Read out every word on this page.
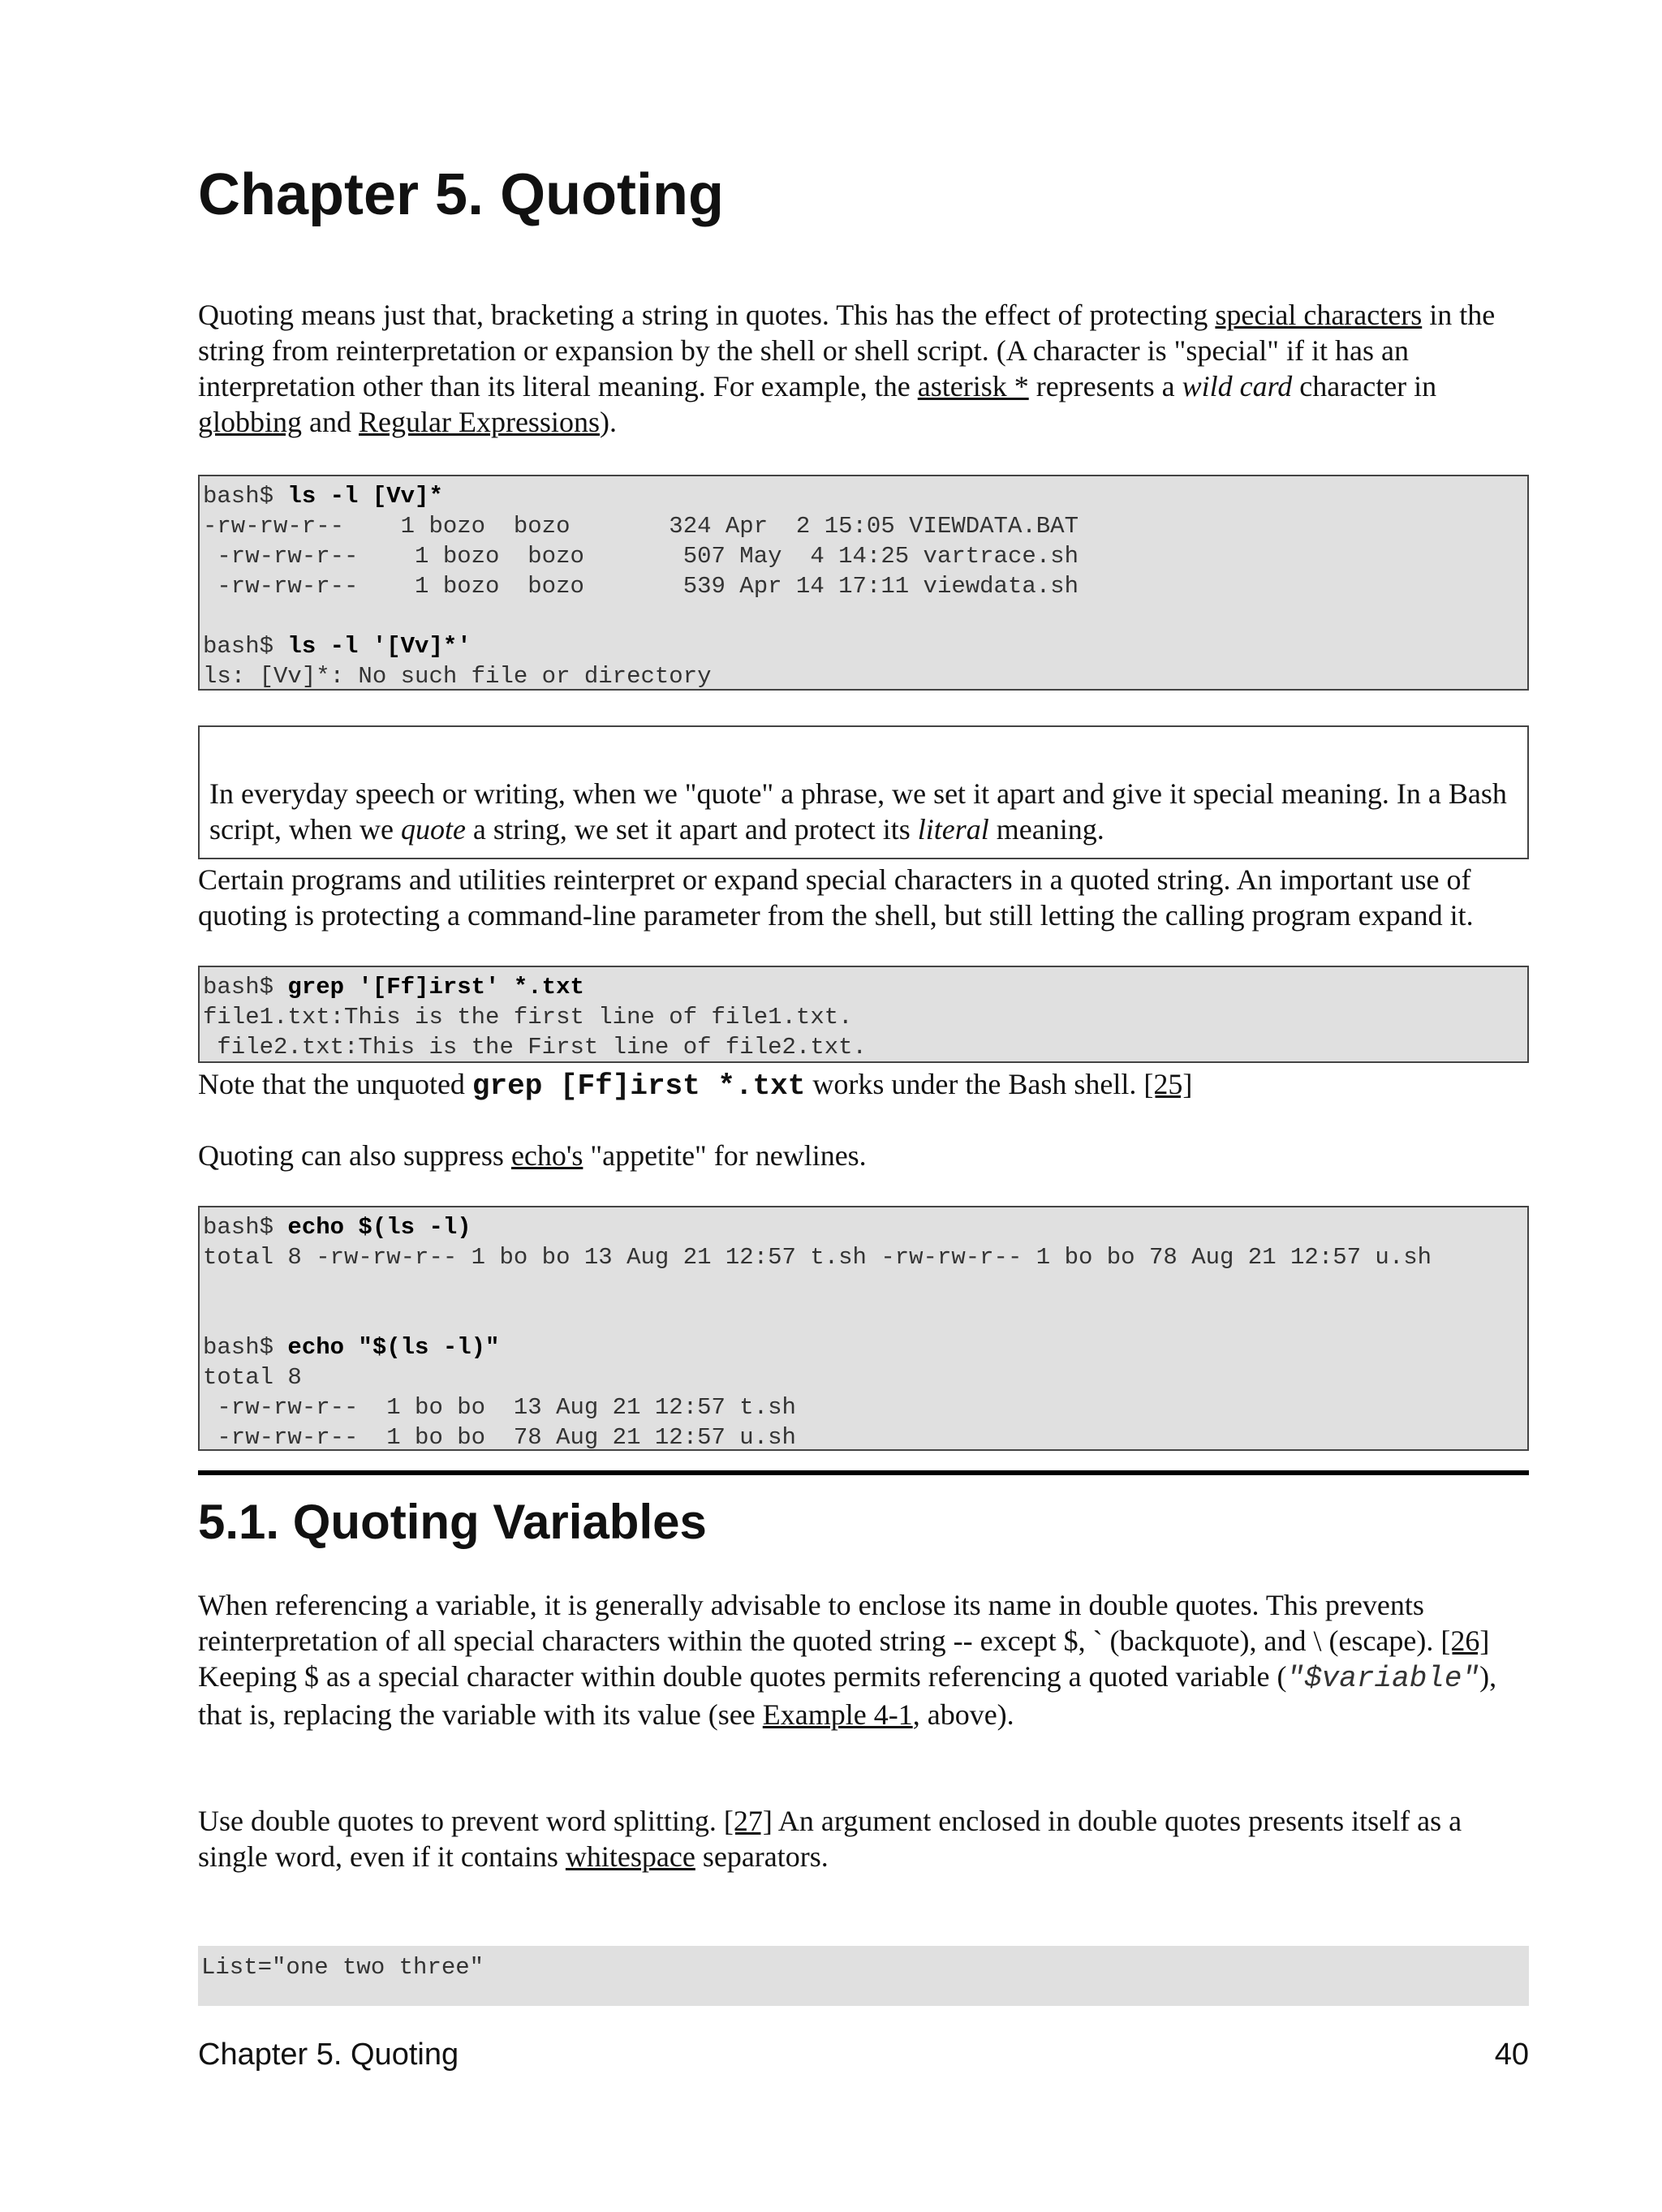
Chapter 5. Quoting

Quoting means just that, bracketing a string in quotes. This has the effect of protecting special characters in the string from reinterpretation or expansion by the shell or shell script. (A character is "special" if it has an interpretation other than its literal meaning. For example, the asterisk * represents a wild card character in globbing and Regular Expressions).

bash$ ls -l [Vv]*
-rw-rw-r--    1 bozo  bozo       324 Apr  2 15:05 VIEWDATA.BAT
-rw-rw-r--    1 bozo  bozo       507 May  4 14:25 vartrace.sh
-rw-rw-r--    1 bozo  bozo       539 Apr 14 17:11 viewdata.sh

bash$ ls -l '[Vv]*'
ls: [Vv]*: No such file or directory
In everyday speech or writing, when we "quote" a phrase, we set it apart and give it special meaning. In a Bash script, when we quote a string, we set it apart and protect its literal meaning.

Certain programs and utilities reinterpret or expand special characters in a quoted string. An important use of quoting is protecting a command-line parameter from the shell, but still letting the calling program expand it.

bash$ grep '[Ff]irst' *.txt
file1.txt:This is the first line of file1.txt.
file2.txt:This is the First line of file2.txt.

Note that the unquoted grep [Ff]irst *.txt works under the Bash shell. [25]

Quoting can also suppress echo's "appetite" for newlines.

bash$ echo $(ls -l)
total 8 -rw-rw-r-- 1 bo bo 13 Aug 21 12:57 t.sh -rw-rw-r-- 1 bo bo 78 Aug 21 12:57 u.sh

bash$ echo "$(ls -l)"
total 8
-rw-rw-r--  1 bo bo  13 Aug 21 12:57 t.sh
-rw-rw-r--  1 bo bo  78 Aug 21 12:57 u.sh
5.1. Quoting Variables

When referencing a variable, it is generally advisable to enclose its name in double quotes. This prevents reinterpretation of all special characters within the quoted string -- except $, ` (backquote), and \ (escape). [26] Keeping $ as a special character within double quotes permits referencing a quoted variable ("$variable"), that is, replacing the variable with its value (see Example 4-1, above).

Use double quotes to prevent word splitting. [27] An argument enclosed in double quotes presents itself as a single word, even if it contains whitespace separators.

List="one two three"
Chapter 5. Quoting	40
